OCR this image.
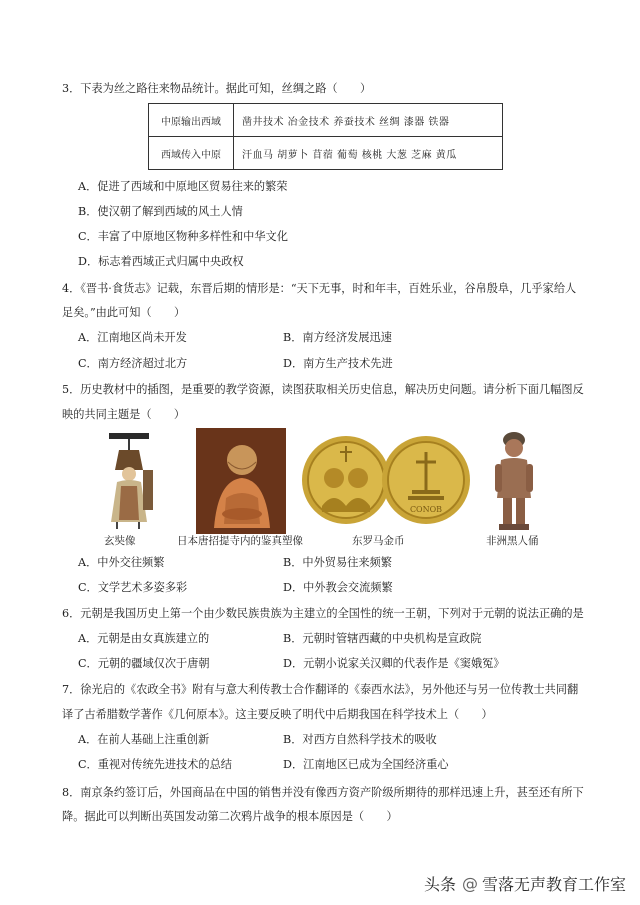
3．下表为丝之路往来物品统计。据此可知，丝绸之路（　　）
中原输出西域	凿井技术 冶金技术 养蚕技术 丝绸 漆器 铁器
西域传入中原	汗血马 胡萝卜 苜蓿 葡萄 核桃 大葱 芝麻 黄瓜
A．促进了西域和中原地区贸易往来的繁荣
B．使汉朝了解到西域的风土人情
C．丰富了中原地区物种多样性和中华文化
D．标志着西域正式归属中央政权
4．《晋书·食货志》记载，东晋后期的情形是：“天下无事，时和年丰，百姓乐业，谷帛殷阜，几乎家给人
足矣。”由此可知（　　）
A．江南地区尚未开发	B．南方经济发展迅速
C．南方经济超过北方	D．南方生产技术先进
5．历史教材中的插图，是重要的教学资源，读图获取相关历史信息，解决历史问题。请分析下面几幅图反
映的共同主题是（　　）
玄奘像	日本唐招提寺内的鉴真塑像
CONOB
东罗马金币	非洲黑人俑
A．中外交往频繁	B．中外贸易往来频繁
C．文学艺术多姿多彩	D．中外教会交流频繁
6．元朝是我国历史上第一个由少数民族贵族为主建立的全国性的统一王朝，下列对于元朝的说法正确的是
A．元朝是由女真族建立的	B．元朝时管辖西藏的中央机构是宣政院
C．元朝的疆域仅次于唐朝	D．元朝小说家关汉卿的代表作是《窦娥冤》
7．徐光启的《农政全书》附有与意大利传教士合作翻译的《泰西水法》，另外他还与另一位传教士共同翻
译了古希腊数学著作《几何原本》。这主要反映了明代中后期我国在科学技术上（　　）
A．在前人基础上注重创新	B．对西方自然科学技术的吸收
C．重视对传统先进技术的总结	D．江南地区已成为全国经济重心
8．南京条约签订后，外国商品在中国的销售并没有像西方资产阶级所期待的那样迅速上升，甚至还有所下
降。据此可以判断出英国发动第二次鸦片战争的根本原因是（　　）
头条 @ 雪落无声教育工作室
